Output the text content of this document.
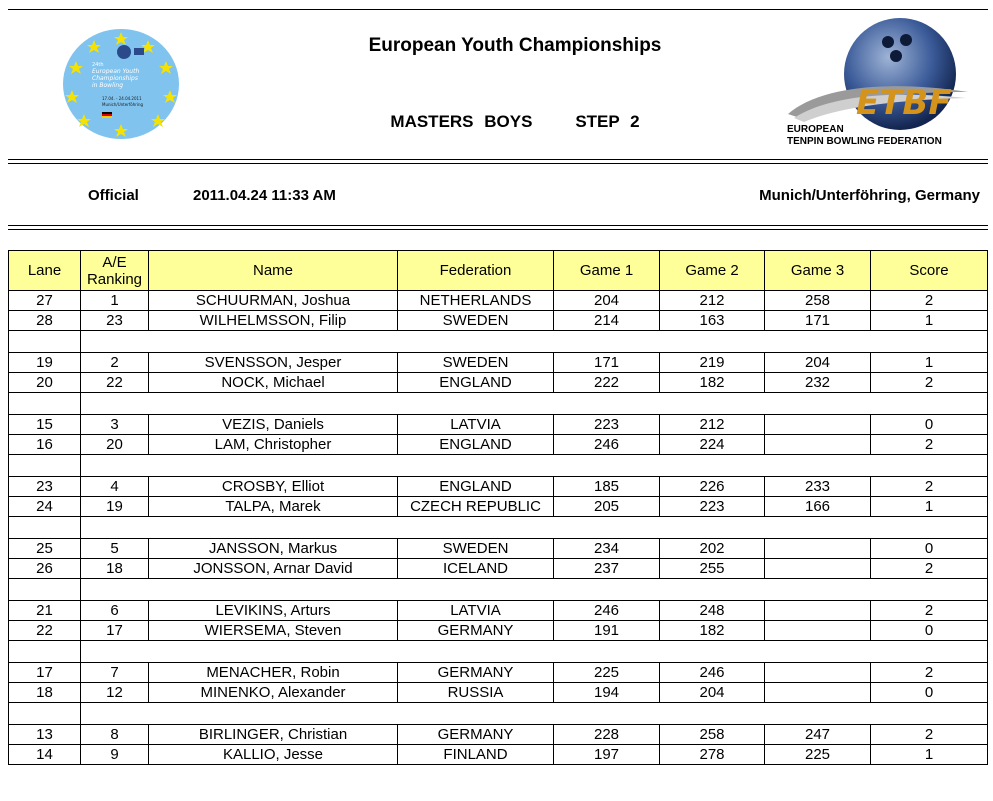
24th
European Youth
Championships
in Bowling
17.04. - 24.04.2011
Munich/Unterföhring
European Youth Championships
MASTERS BOYS    STEP 2	ETBF
EUROPEAN
TENPIN BOWLING FEDERATION
Official	2011.04.24 11:33 AM	Munich/Unterföhring, Germany
Lane	A/E Ranking	Name	Federation	Game 1	Game 2	Game 3	Score
27	1	SCHUURMAN, Joshua	NETHERLANDS	204	212	258	2
28	23	WILHELMSSON, Filip	SWEDEN	214	163	171	1

19	2	SVENSSON, Jesper	SWEDEN	171	219	204	1
20	22	NOCK, Michael	ENGLAND	222	182	232	2

15	3	VEZIS, Daniels	LATVIA	223	212		0
16	20	LAM, Christopher	ENGLAND	246	224		2

23	4	CROSBY, Elliot	ENGLAND	185	226	233	2
24	19	TALPA, Marek	CZECH REPUBLIC	205	223	166	1

25	5	JANSSON, Markus	SWEDEN	234	202		0
26	18	JONSSON, Arnar David	ICELAND	237	255		2

21	6	LEVIKINS, Arturs	LATVIA	246	248		2
22	17	WIERSEMA, Steven	GERMANY	191	182		0

17	7	MENACHER, Robin	GERMANY	225	246		2
18	12	MINENKO, Alexander	RUSSIA	194	204		0

13	8	BIRLINGER, Christian	GERMANY	228	258	247	2
14	9	KALLIO, Jesse	FINLAND	197	278	225	1
